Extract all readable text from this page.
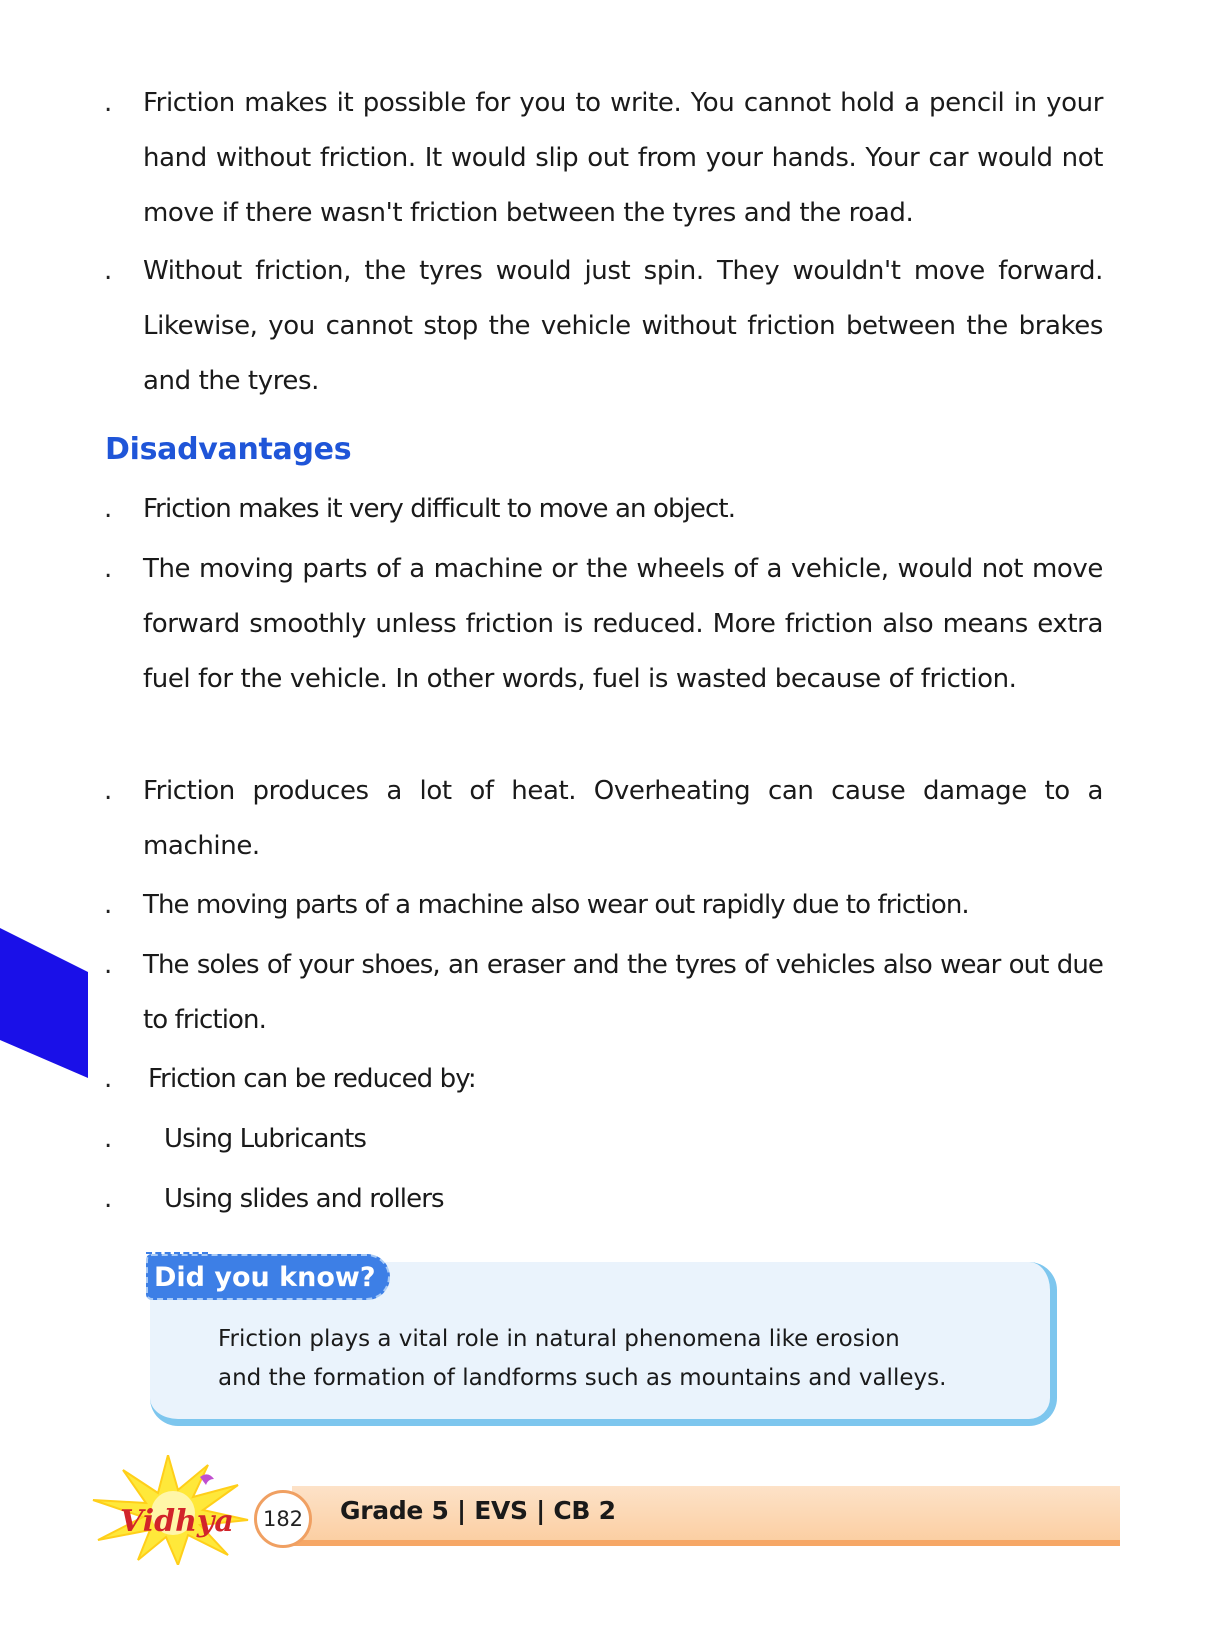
. Friction makes it possible for you to write. You cannot hold a pencil in your hand without friction. It would slip out from your hands. Your car would not move if there wasn't friction between the tyres and the road.

. Without friction, the tyres would just spin. They wouldn't move forward. Likewise, you cannot stop the vehicle without friction between the brakes and the tyres.

Disadvantages
. Friction makes it very difficult to move an object.

. The moving parts of a machine or the wheels of a vehicle, would not move forward smoothly unless friction is reduced. More friction also means extra fuel for the vehicle. In other words, fuel is wasted because of friction.

. Friction produces a lot of heat. Overheating can cause damage to a machine.

. The moving parts of a machine also wear out rapidly due to friction.

. The soles of your shoes, an eraser and the tyres of vehicles also wear out due to friction.

. Friction can be reduced by:

. Using Lubricants

. Using slides and rollers

Did you know?
Friction plays a vital role in natural phenomena like erosion
and the formation of landforms such as mountains and valleys.
182	Grade 5 | EVS | CB 2
Vidhya
